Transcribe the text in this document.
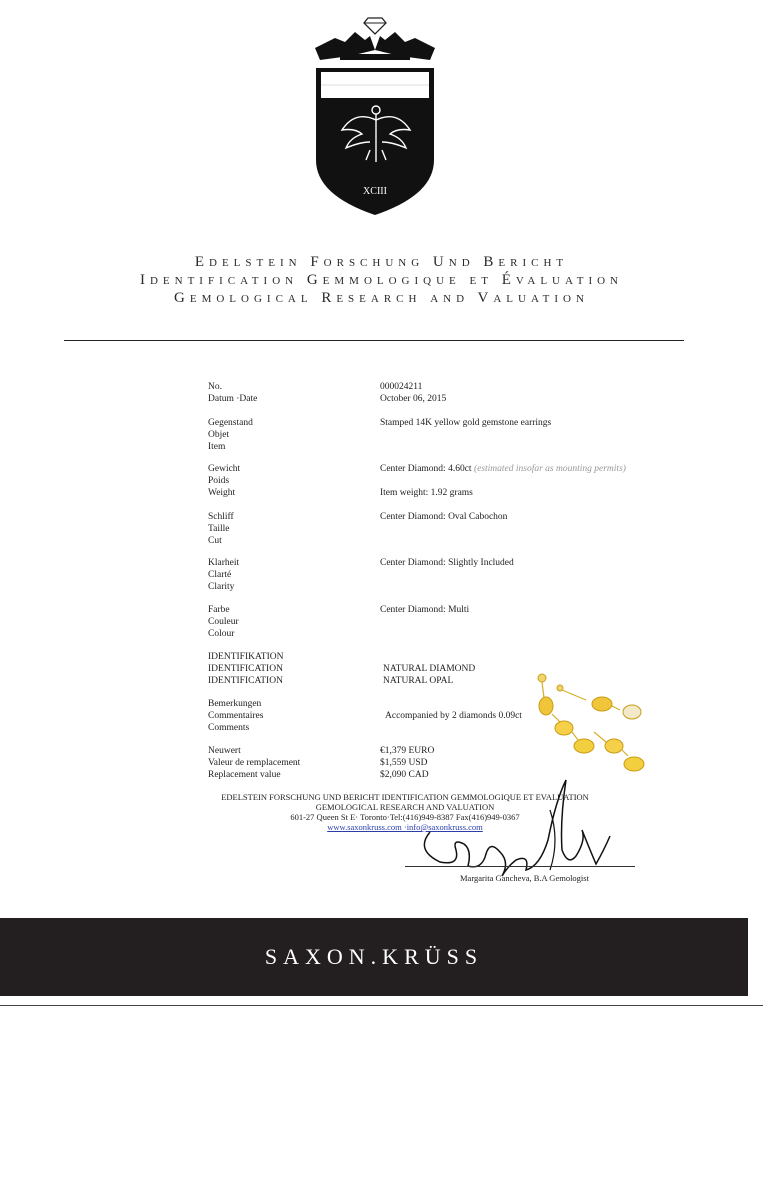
XCIII
Edelstein Forschung Und Bericht
Identification Gemmologique et Évaluation
Gemological Research and Valuation
No.
Datum ·Date
000024211
October 06, 2015
Gegenstand
Objet
Item
Stamped 14K yellow gold gemstone earrings
Gewicht
Poids
Weight
Center Diamond: 4.60ct (estimated insofar as mounting permits)
Item weight: 1.92 grams
Schliff
Taille
Cut
Center Diamond: Oval Cabochon
Klarheit
Clarté
Clarity
Center Diamond: Slightly Included
Farbe
Couleur
Colour
Center Diamond: Multi
IDENTIFIKATION
IDENTIFICATION
IDENTIFICATION
NATURAL DIAMOND
NATURAL OPAL
Bemerkungen
Commentaires
Comments
Accompanied by 2 diamonds 0.09ct
Neuwert
Valeur de remplacement
Replacement value
€1,379 EURO
$1,559 USD
$2,090 CAD
EDELSTEIN FORSCHUNG UND BERICHT IDENTIFICATION GEMMOLOGIQUE ET EVALUATION
GEMOLOGICAL RESEARCH AND VALUATION
601-27 Queen St E· Toronto·Tel:(416)949-8387 Fax(416)949-0367
www.saxonkruss.com ·info@saxonkruss.com
Margarita Gancheva, B.A Gemologist
SAXON.KRÜSS
